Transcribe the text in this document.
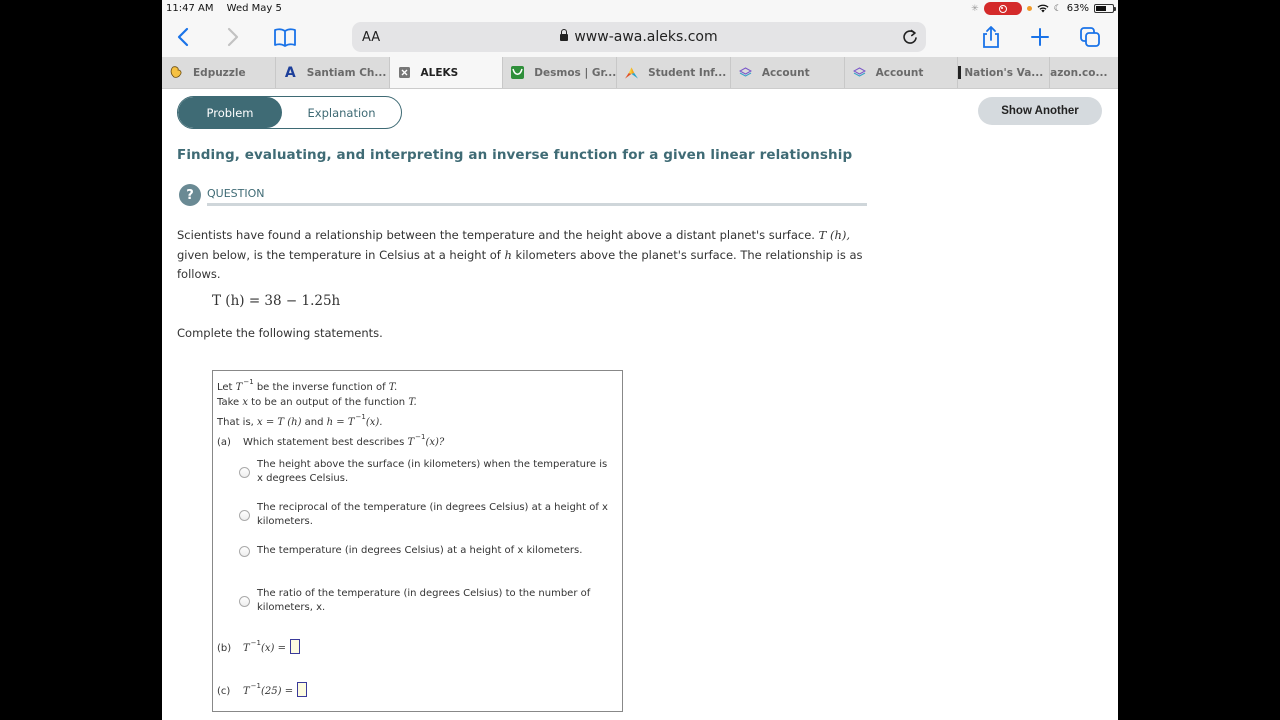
11:47 AM Wed May 5	✳	☾ 63%
AA	www-awa.aleks.com
Edpuzzle	A Santiam Ch...	ALEKS	Desmos | Gr...	Student Inf...	Account	Account	Nation's Va... azon.co...
Problem	Explanation	Show Another
Finding, evaluating, and interpreting an inverse function for a given linear relationship
?	QUESTION
Scientists have found a relationship between the temperature and the height above a distant planet's surface. T (h),
given below, is the temperature in Celsius at a height of h kilometers above the planet's surface. The relationship is as follows.
T (h) = 38 − 1.25h
Complete the following statements.
Let $T^{-1}$ be the inverse function of T.
Take x to be an output of the function T.
That is, x = T (h) and $h = T^{-1}(x)$.
(a) Which statement best describes $T^{-1}(x)$?
The height above the surface (in kilometers) when the temperature is x degrees Celsius.
The reciprocal of the temperature (in degrees Celsius) at a height of x kilometers.
The temperature (in degrees Celsius) at a height of x kilometers.
The ratio of the temperature (in degrees Celsius) to the number of kilometers, x.
(b) $T^{-1}(x)$ =
(c) $T^{-1}(25)$ =
